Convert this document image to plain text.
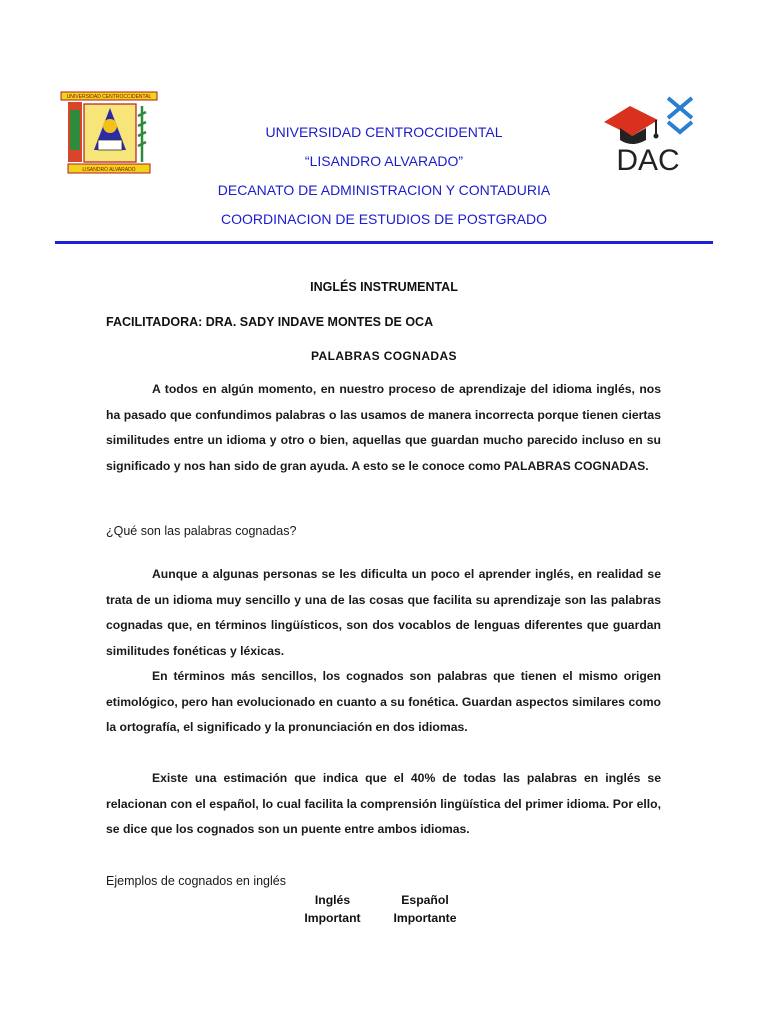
UNIVERSIDAD CENTROCCIDENTAL
LISANDRO ALVARADO
UNIVERSIDAD CENTROCCIDENTAL
“LISANDRO ALVARADO”
DECANATO DE ADMINISTRACION Y CONTADURIA
COORDINACION DE ESTUDIOS DE POSTGRADO
DAC
INGLÉS INSTRUMENTAL
FACILITADORA: DRA. SADY INDAVE MONTES DE OCA
PALABRAS COGNADAS
A todos en algún momento, en nuestro proceso de aprendizaje del idioma inglés, nos ha pasado que confundimos palabras o las usamos de manera incorrecta porque tienen ciertas similitudes entre un idioma y otro o bien, aquellas que guardan mucho parecido incluso en su significado y nos han sido de gran ayuda. A esto se le conoce como PALABRAS COGNADAS.
¿Qué son las palabras cognadas?
Aunque a algunas personas se les dificulta un poco el aprender inglés, en realidad se trata de un idioma muy sencillo y una de las cosas que facilita su aprendizaje son las palabras cognadas que, en términos lingüísticos, son dos vocablos de lenguas diferentes que guardan similitudes fonéticas y léxicas.
En términos más sencillos, los cognados son palabras que tienen el mismo origen etimológico, pero han evolucionado en cuanto a su fonética. Guardan aspectos similares como la ortografía, el significado y la pronunciación en dos idiomas.
Existe una estimación que indica que el 40% de todas las palabras en inglés se relacionan con el español, lo cual facilita la comprensión lingüística del primer idioma. Por ello, se dice que los cognados son un puente entre ambos idiomas.
Ejemplos de cognados en inglés
Inglés	Español
Important	Importante
